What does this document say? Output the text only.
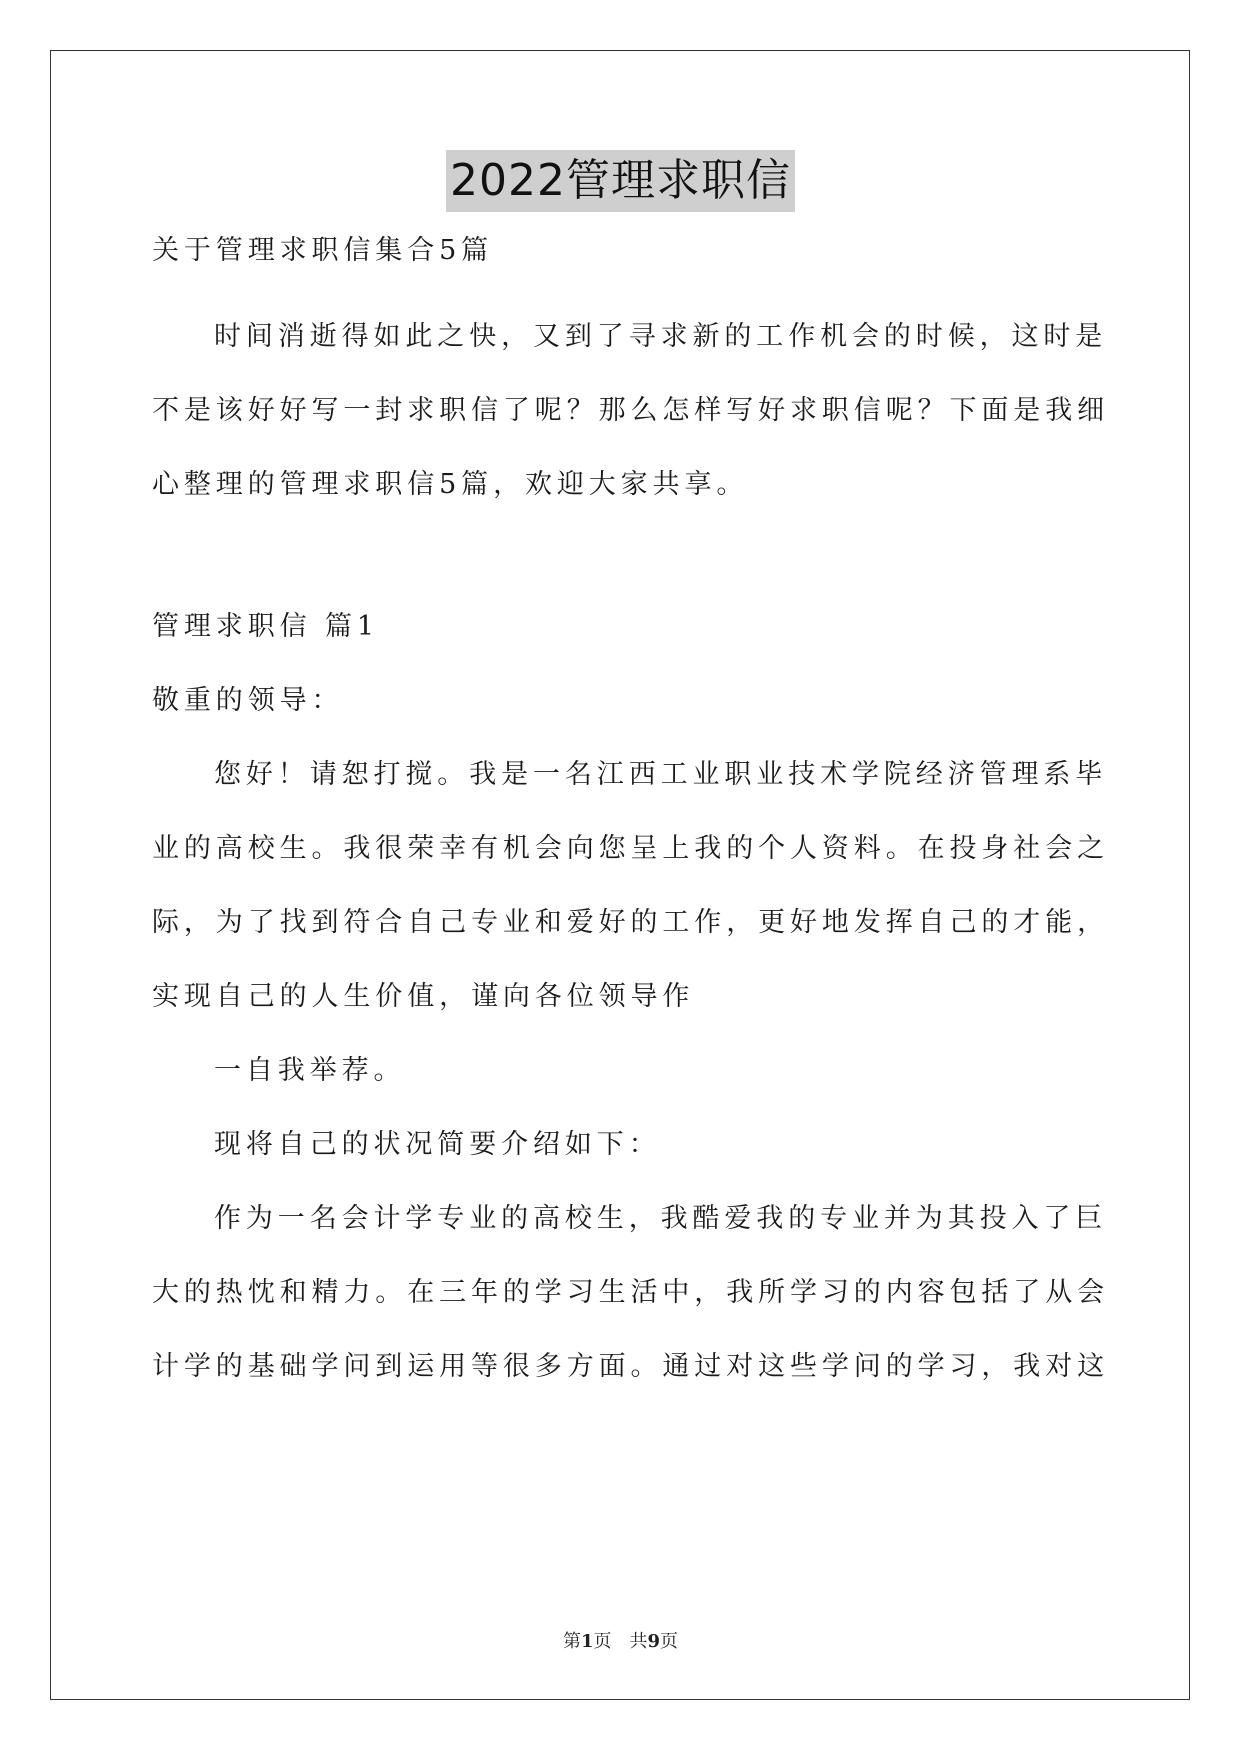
2022管理求职信
关于管理求职信集合5篇
时间消逝得如此之快，又到了寻求新的工作机会的时候，这时是
不是该好好写一封求职信了呢？那么怎样写好求职信呢？下面是我细
心整理的管理求职信5篇，欢迎大家共享。
管理求职信 篇1
敬重的领导：
您好！请恕打搅。我是一名江西工业职业技术学院经济管理系毕
业的高校生。我很荣幸有机会向您呈上我的个人资料。在投身社会之
际，为了找到符合自己专业和爱好的工作，更好地发挥自己的才能，
实现自己的人生价值，谨向各位领导作
一自我举荐。
现将自己的状况简要介绍如下：
作为一名会计学专业的高校生，我酷爱我的专业并为其投入了巨
大的热忱和精力。在三年的学习生活中，我所学习的内容包括了从会
计学的基础学问到运用等很多方面。通过对这些学问的学习，我对这
第1页　共9页
